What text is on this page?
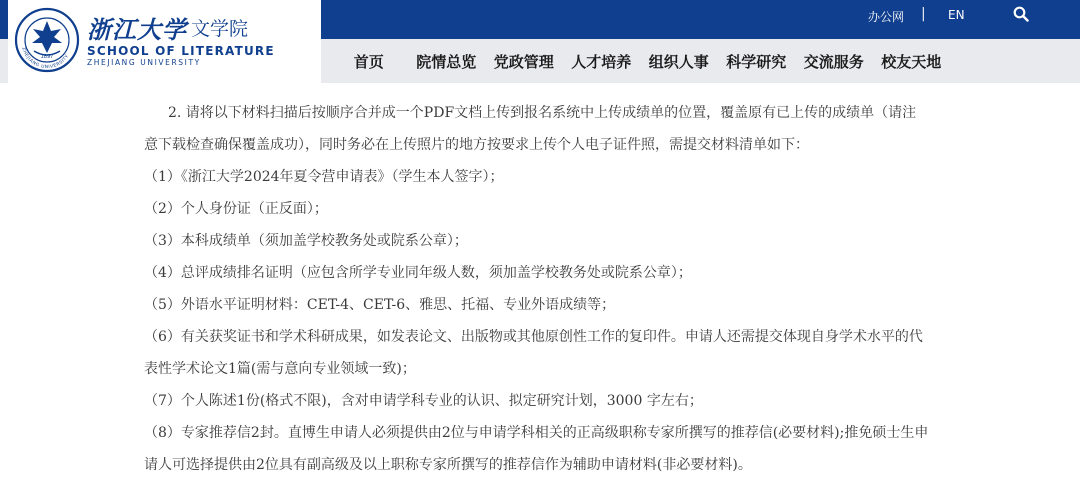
办公网 | EN
1897
ZHEJIANG UNIVERSITY
浙江大学 文学院
SCHOOL OF LITERATURE
ZHEJIANG UNIVERSITY	首页	院情总览	党政管理	人才培养	组织人事	科学研究	交流服务	校友天地

2. 请将以下材料扫描后按顺序合并成一个PDF文档上传到报名系统中上传成绩单的位置，覆盖原有已上传的成绩单（请注

意下载检查确保覆盖成功），同时务必在上传照片的地方按要求上传个人电子证件照，需提交材料清单如下：

（1）《浙江大学2024年夏令营申请表》（学生本人签字）；

（2）个人身份证（正反面）；

（3）本科成绩单（须加盖学校教务处或院系公章）；

（4）总评成绩排名证明（应包含所学专业同年级人数，须加盖学校教务处或院系公章）；

（5）外语水平证明材料：CET-4、CET-6、雅思、托福、专业外语成绩等；

（6）有关获奖证书和学术科研成果，如发表论文、出版物或其他原创性工作的复印件。申请人还需提交体现自身学术水平的代

表性学术论文1篇(需与意向专业领域一致)；

（7）个人陈述1份(格式不限)，含对申请学科专业的认识、拟定研究计划，3000 字左右；

（8）专家推荐信2封。直博生申请人必须提供由2位与申请学科相关的正高级职称专家所撰写的推荐信(必要材料);推免硕士生申

请人可选择提供由2位具有副高级及以上职称专家所撰写的推荐信作为辅助申请材料(非必要材料)。
